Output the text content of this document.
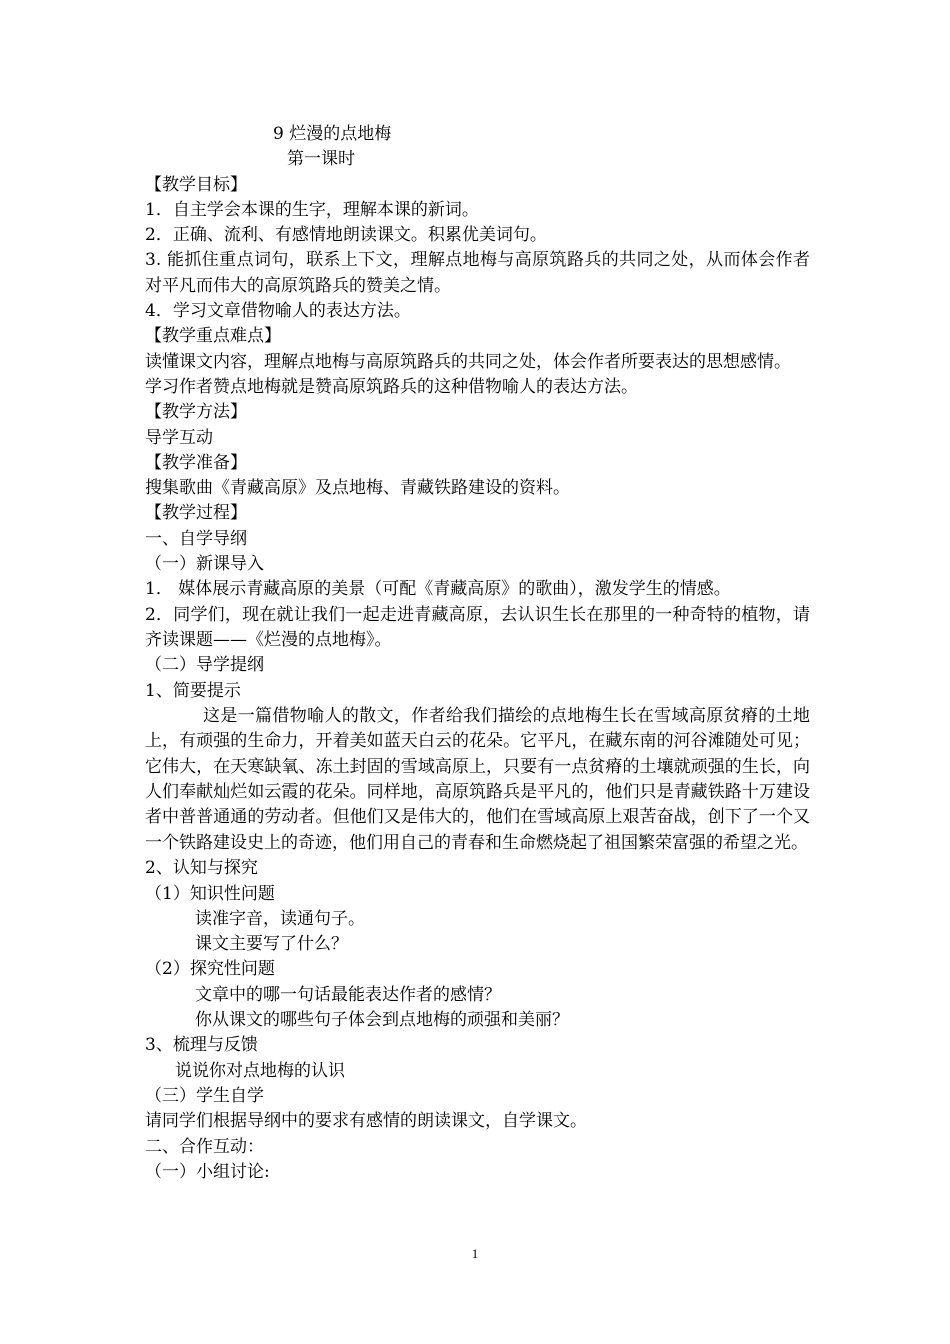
9 烂漫的点地梅
第一课时
【教学目标】
1．自主学会本课的生字，理解本课的新词。
2．正确、流利、有感情地朗读课文。积累优美词句。
3. 能抓住重点词句，联系上下文，理解点地梅与高原筑路兵的共同之处，从而体会作者对平凡而伟大的高原筑路兵的赞美之情。
4．学习文章借物喻人的表达方法。
【教学重点难点】
读懂课文内容，理解点地梅与高原筑路兵的共同之处，体会作者所要表达的思想感情。
学习作者赞点地梅就是赞高原筑路兵的这种借物喻人的表达方法。
【教学方法】
导学互动
【教学准备】
搜集歌曲《青藏高原》及点地梅、青藏铁路建设的资料。
【教学过程】
一、自学导纲
（一）新课导入
1． 媒体展示青藏高原的美景（可配《青藏高原》的歌曲），激发学生的情感。
2．同学们，现在就让我们一起走进青藏高原，去认识生长在那里的一种奇特的植物，请齐读课题——《烂漫的点地梅》。
（二）导学提纲
1、简要提示
这是一篇借物喻人的散文，作者给我们描绘的点地梅生长在雪域高原贫瘠的土地上，有顽强的生命力，开着美如蓝天白云的花朵。它平凡，在藏东南的河谷滩随处可见；它伟大，在天寒缺氧、冻土封固的雪域高原上，只要有一点贫瘠的土壤就顽强的生长，向人们奉献灿烂如云霞的花朵。同样地，高原筑路兵是平凡的，他们只是青藏铁路十万建设者中普普通通的劳动者。但他们又是伟大的，他们在雪域高原上艰苦奋战，创下了一个又一个铁路建设史上的奇迹，他们用自己的青春和生命燃烧起了祖国繁荣富强的希望之光。
2、认知与探究
（1）知识性问题
读准字音，读通句子。
课文主要写了什么？
（2）探究性问题
文章中的哪一句话最能表达作者的感情？
你从课文的哪些句子体会到点地梅的顽强和美丽？
3、梳理与反馈
说说你对点地梅的认识
（三）学生自学
请同学们根据导纲中的要求有感情的朗读课文，自学课文。
二、合作互动：
（一）小组讨论:
1
